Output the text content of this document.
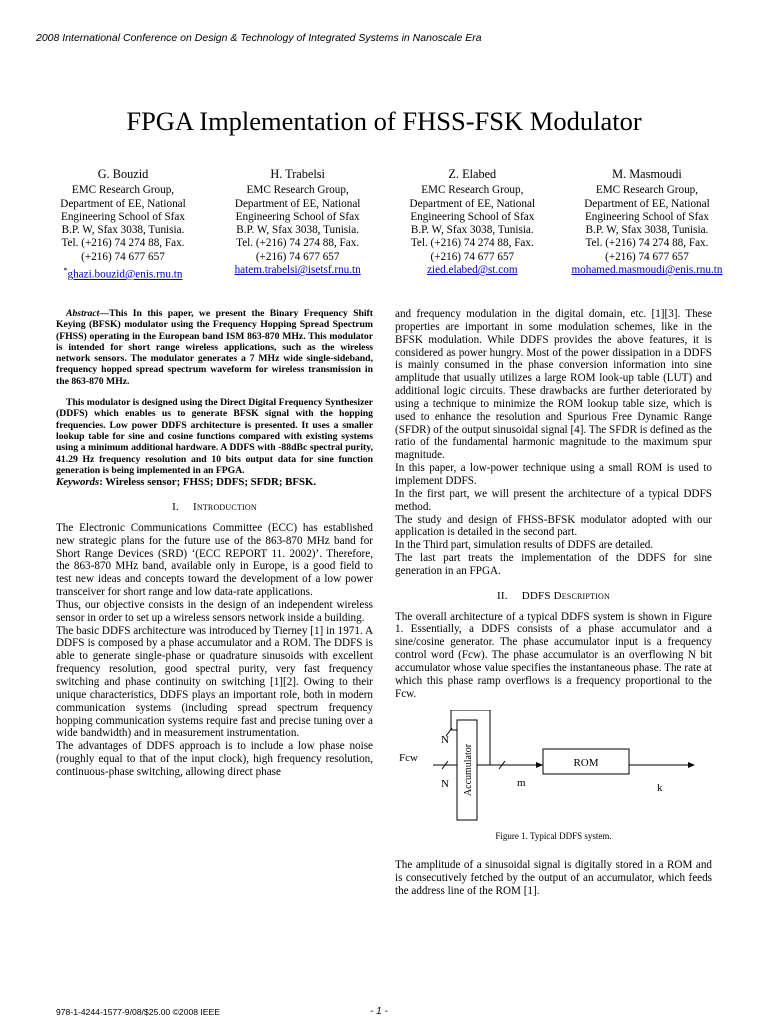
2008 International Conference on Design & Technology of Integrated Systems in Nanoscale Era
FPGA Implementation of FHSS-FSK Modulator
G. Bouzid
EMC Research Group,
Department of EE, National
Engineering School of Sfax
B.P. W, Sfax 3038, Tunisia.
Tel. (+216) 74 274 88, Fax.
(+216) 74 677 657
*ghazi.bouzid@enis.rnu.tn
H. Trabelsi
EMC Research Group,
Department of EE, National
Engineering School of Sfax
B.P. W, Sfax 3038, Tunisia.
Tel. (+216) 74 274 88, Fax.
(+216) 74 677 657
hatem.trabelsi@isetsf.rnu.tn
Z. Elabed
EMC Research Group,
Department of EE, National
Engineering School of Sfax
B.P. W, Sfax 3038, Tunisia.
Tel. (+216) 74 274 88, Fax.
(+216) 74 677 657
zied.elabed@st.com
M. Masmoudi
EMC Research Group,
Department of EE, National
Engineering School of Sfax
B.P. W, Sfax 3038, Tunisia.
Tel. (+216) 74 274 88, Fax.
(+216) 74 677 657
mohamed.masmoudi@enis.rnu.tn

Abstract—This In this paper, we present the Binary Frequency Shift Keying (BFSK) modulator using the Frequency Hopping Spread Spectrum (FHSS) operating in the European band ISM 863-870 MHz. This modulator is intended for short range wireless applications, such as the wireless network sensors. The modulator generates a 7 MHz wide single-sideband, frequency hopped spread spectrum waveform for wireless transmission in the 863-870 MHz.

This modulator is designed using the Direct Digital Frequency Synthesizer (DDFS) which enables us to generate BFSK signal with the hopping frequencies. Low power DDFS architecture is presented. It uses a smaller lookup table for sine and cosine functions compared with existing systems using a minimum additional hardware. A DDFS with -88dBc spectral purity, 41.29 Hz frequency resolution and 10 bits output data for sine function generation is being implemented in an FPGA.

Keywords: Wireless sensor; FHSS; DDFS; SFDR; BFSK.

I. Introduction

The Electronic Communications Committee (ECC) has established new strategic plans for the future use of the 863-870 MHz band for Short Range Devices (SRD) ‘(ECC REPORT 11. 2002)’. Therefore, the 863-870 MHz band, available only in Europe, is a good field to test new ideas and concepts toward the development of a low power transceiver for short range and low data-rate applications.

Thus, our objective consists in the design of an independent wireless sensor in order to set up a wireless sensors network inside a building.

The basic DDFS architecture was introduced by Tierney [1] in 1971. A DDFS is composed by a phase accumulator and a ROM. The DDFS is able to generate single-phase or quadrature sinusoids with excellent frequency resolution, good spectral purity, very fast frequency switching and phase continuity on switching [1][2]. Owing to their unique characteristics, DDFS plays an important role, both in modern communication systems (including spread spectrum frequency hopping communication systems require fast and precise tuning over a wide bandwidth) and in measurement instrumentation.

The advantages of DDFS approach is to include a low phase noise (roughly equal to that of the input clock), high frequency resolution, continuous-phase switching, allowing direct phase

and frequency modulation in the digital domain, etc. [1][3]. These properties are important in some modulation schemes, like in the BFSK modulation. While DDFS provides the above features, it is considered as power hungry. Most of the power dissipation in a DDFS is mainly consumed in the phase conversion information into sine amplitude that usually utilizes a large ROM look-up table (LUT) and additional logic circuits. These drawbacks are further deteriorated by using a technique to minimize the ROM lookup table size, which is used to enhance the resolution and Spurious Free Dynamic Range (SFDR) of the output sinusoidal signal [4]. The SFDR is defined as the ratio of the fundamental harmonic magnitude to the maximum spur magnitude.

In this paper, a low-power technique using a small ROM is used to implement DDFS.

In the first part, we will present the architecture of a typical DDFS method.

The study and design of FHSS-BFSK modulator adopted with our application is detailed in the second part.

In the Third part, simulation results of DDFS are detailed.

The last part treats the implementation of the DDFS for sine generation in an FPGA.

II. DDFS Description

The overall architecture of a typical DDFS system is shown in Figure 1. Essentially, a DDFS consists of a phase accumulator and a sine/cosine generator. The phase accumulator input is a frequency control word (Fcw). The phase accumulator is an overflowing N bit accumulator whose value specifies the instantaneous phase. The rate at which this phase ramp overflows is a frequency proportional to the Fcw.

Fcw
N
N
ROM
m	k
Accumulator
Figure 1. Typical DDFS system.

The amplitude of a sinusoidal signal is digitally stored in a ROM and is consecutively fetched by the output of an accumulator, which feeds the address line of the ROM [1].

978-1-4244-1577-9/08/$25.00 ©2008 IEEE	- 1 -
